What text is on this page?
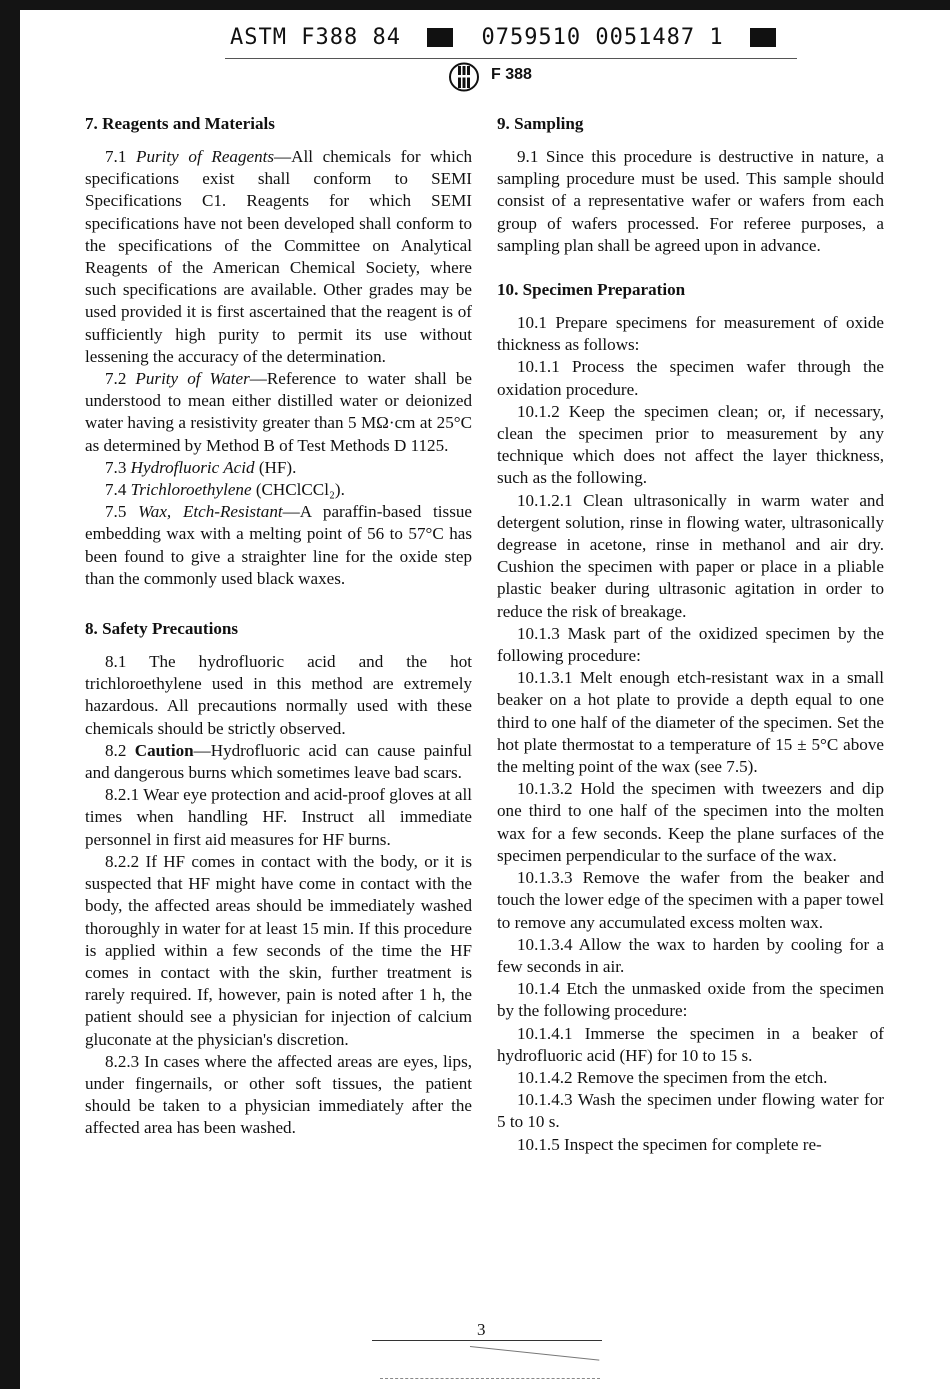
ASTM F388 84	0759510 0051487 1
F 388
7. Reagents and Materials

7.1 Purity of Reagents—All chemicals for which specifications exist shall conform to SEMI Specifications C1. Reagents for which SEMI specifications have not been developed shall conform to the specifications of the Committee on Analytical Reagents of the American Chemical Society, where such specifications are available. Other grades may be used provided it is first ascertained that the reagent is of sufficiently high purity to permit its use without lessening the accuracy of the determination.

7.2 Purity of Water—Reference to water shall be understood to mean either distilled water or deionized water having a resistivity greater than 5 MΩ·cm at 25°C as determined by Method B of Test Methods D 1125.

7.3 Hydrofluoric Acid (HF).

7.4 Trichloroethylene (CHClCCl₂).

7.5 Wax, Etch-Resistant—A paraffin-based tissue embedding wax with a melting point of 56 to 57°C has been found to give a straighter line for the oxide step than the commonly used black waxes.

8. Safety Precautions

8.1 The hydrofluoric acid and the hot trichloroethylene used in this method are extremely hazardous. All precautions normally used with these chemicals should be strictly observed.

8.2 Caution—Hydrofluoric acid can cause painful and dangerous burns which sometimes leave bad scars.

8.2.1 Wear eye protection and acid-proof gloves at all times when handling HF. Instruct all immediate personnel in first aid measures for HF burns.

8.2.2 If HF comes in contact with the body, or it is suspected that HF might have come in contact with the body, the affected areas should be immediately washed thoroughly in water for at least 15 min. If this procedure is applied within a few seconds of the time the HF comes in contact with the skin, further treatment is rarely required. If, however, pain is noted after 1 h, the patient should see a physician for injection of calcium gluconate at the physician's discretion.

8.2.3 In cases where the affected areas are eyes, lips, under fingernails, or other soft tissues, the patient should be taken to a physician immediately after the affected area has been washed.

9. Sampling

9.1 Since this procedure is destructive in nature, a sampling procedure must be used. This sample should consist of a representative wafer or wafers from each group of wafers processed. For referee purposes, a sampling plan shall be agreed upon in advance.

10. Specimen Preparation

10.1 Prepare specimens for measurement of oxide thickness as follows:

10.1.1 Process the specimen wafer through the oxidation procedure.

10.1.2 Keep the specimen clean; or, if necessary, clean the specimen prior to measurement by any technique which does not affect the layer thickness, such as the following.

10.1.2.1 Clean ultrasonically in warm water and detergent solution, rinse in flowing water, ultrasonically degrease in acetone, rinse in methanol and air dry. Cushion the specimen with paper or place in a pliable plastic beaker during ultrasonic agitation in order to reduce the risk of breakage.

10.1.3 Mask part of the oxidized specimen by the following procedure:

10.1.3.1 Melt enough etch-resistant wax in a small beaker on a hot plate to provide a depth equal to one third to one half of the diameter of the specimen. Set the hot plate thermostat to a temperature of 15 ± 5°C above the melting point of the wax (see 7.5).

10.1.3.2 Hold the specimen with tweezers and dip one third to one half of the specimen into the molten wax for a few seconds. Keep the plane surfaces of the specimen perpendicular to the surface of the wax.

10.1.3.3 Remove the wafer from the beaker and touch the lower edge of the specimen with a paper towel to remove any accumulated excess molten wax.

10.1.3.4 Allow the wax to harden by cooling for a few seconds in air.

10.1.4 Etch the unmasked oxide from the specimen by the following procedure:

10.1.4.1 Immerse the specimen in a beaker of hydrofluoric acid (HF) for 10 to 15 s.

10.1.4.2 Remove the specimen from the etch.

10.1.4.3 Wash the specimen under flowing water for 5 to 10 s.

10.1.5 Inspect the specimen for complete re-

3
